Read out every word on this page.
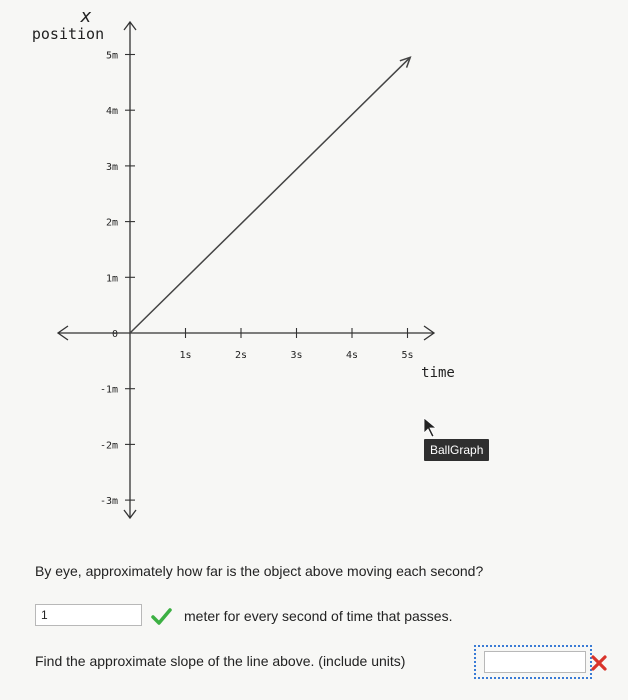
5m
4m
3m
2m
1m
0
-1m
-2m
-3m
1s	2s	3s	4s	5s
x
position
time
BallGraph
By eye, approximately how far is the object above moving each second?
1	meter for every second of time that passes.
Find the approximate slope of the line above. (include units)
